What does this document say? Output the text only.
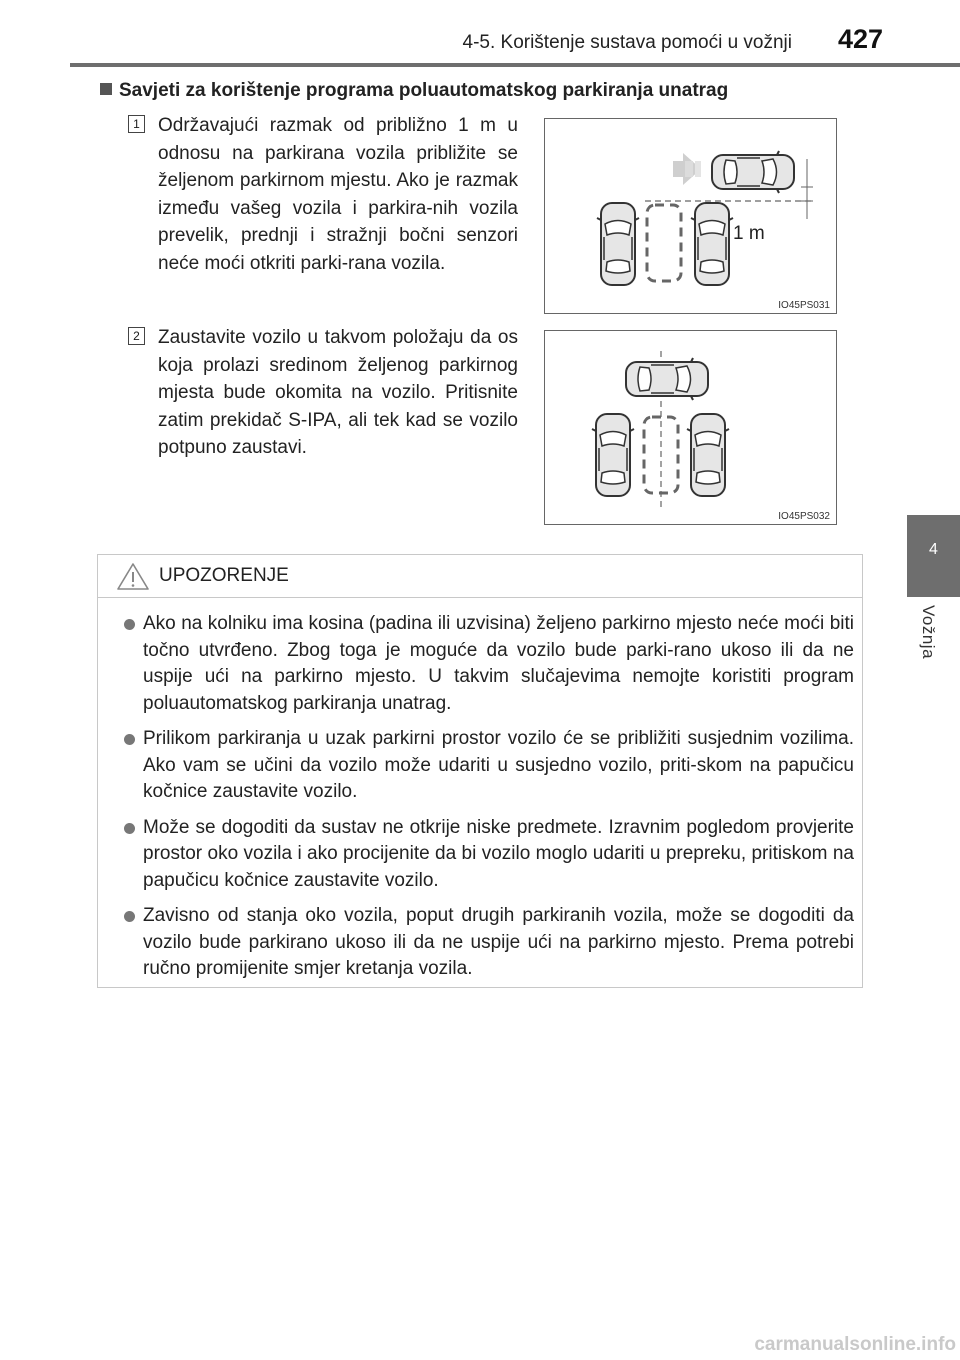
4-5. Korištenje sustava pomoći u vožnji 427
4
Vožnja
Savjeti za korištenje programa poluautomatskog parkiranja unatrag
1 Održavajući razmak od približno 1 m u odnosu na parkirana vozila približite se željenom parkirnom mjestu. Ako je razmak između vašeg vozila i parkira-nih vozila prevelik, prednji i stražnji bočni senzori neće moći otkriti parki-rana vozila.
1 m
IO45PS031
2 Zaustavite vozilo u takvom položaju da os koja prolazi sredinom željenog parkirnog mjesta bude okomita na vozilo. Pritisnite zatim prekidač S-IPA, ali tek kad se vozilo potpuno zaustavi.
IO45PS032
UPOZORENJE
Ako na kolniku ima kosina (padina ili uzvisina) željeno parkirno mjesto neće moći biti točno utvrđeno. Zbog toga je moguće da vozilo bude parki-rano ukoso ili da ne uspije ući na parkirno mjesto. U takvim slučajevima nemojte koristiti program poluautomatskog parkiranja unatrag.
Prilikom parkiranja u uzak parkirni prostor vozilo će se približiti susjednim vozilima. Ako vam se učini da vozilo može udariti u susjedno vozilo, priti-skom na papučicu kočnice zaustavite vozilo.
Može se dogoditi da sustav ne otkrije niske predmete. Izravnim pogledom provjerite prostor oko vozila i ako procijenite da bi vozilo moglo udariti u prepreku, pritiskom na papučicu kočnice zaustavite vozilo.
Zavisno od stanja oko vozila, poput drugih parkiranih vozila, može se dogoditi da vozilo bude parkirano ukoso ili da ne uspije ući na parkirno mjesto. Prema potrebi ručno promijenite smjer kretanja vozila.
carmanualsonline.info
